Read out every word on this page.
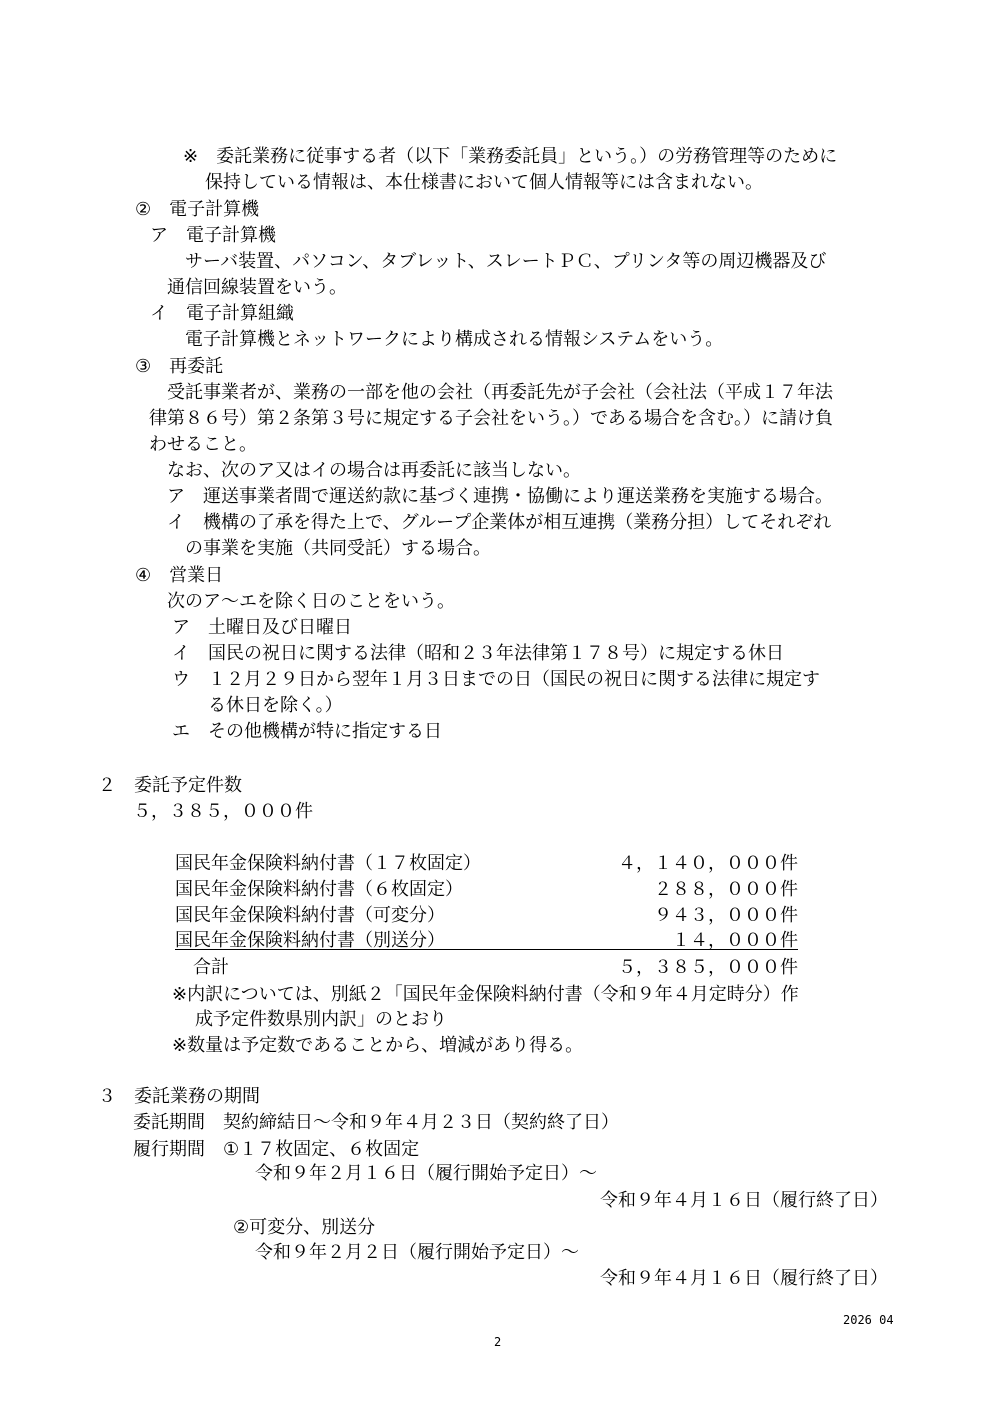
※　委託業務に従事する者（以下「業務委託員」という。）の労務管理等のために
保持している情報は、本仕様書において個人情報等には含まれない。
②　電子計算機
ア　電子計算機
サーバ装置、パソコン、タブレット、スレートＰＣ、プリンタ等の周辺機器及び
通信回線装置をいう。
イ　電子計算組織
電子計算機とネットワークにより構成される情報システムをいう。
③　再委託
受託事業者が、業務の一部を他の会社（再委託先が子会社（会社法（平成１７年法
律第８６号）第２条第３号に規定する子会社をいう。）である場合を含む。）に請け負
わせること。
なお、次のア又はイの場合は再委託に該当しない。
ア　運送事業者間で運送約款に基づく連携・協働により運送業務を実施する場合。
イ　機構の了承を得た上で、グループ企業体が相互連携（業務分担）してそれぞれ
の事業を実施（共同受託）する場合。
④　営業日
次のア～エを除く日のことをいう。
ア　土曜日及び日曜日
イ　国民の祝日に関する法律（昭和２３年法律第１７８号）に規定する休日
ウ　１２月２９日から翌年１月３日までの日（国民の祝日に関する法律に規定す
る休日を除く。）
エ　その他機構が特に指定する日
２　委託予定件数
５，３８５，０００件
国民年金保険料納付書（１７枚固定）	４，１４０，０００件
国民年金保険料納付書（６枚固定）	２８８，０００件
国民年金保険料納付書（可変分）	９４３，０００件
国民年金保険料納付書（別送分）	１４，０００件
合計	５，３８５，０００件
※内訳については、別紙２「国民年金保険料納付書（令和９年４月定時分）作
成予定件数県別内訳」のとおり
※数量は予定数であることから、増減があり得る。
３　委託業務の期間
委託期間　契約締結日～令和９年４月２３日（契約終了日）
履行期間　①１７枚固定、６枚固定
令和９年２月１６日（履行開始予定日）～
令和９年４月１６日（履行終了日）
②可変分、別送分
令和９年２月２日（履行開始予定日）～
令和９年４月１６日（履行終了日）
2026 04
2
